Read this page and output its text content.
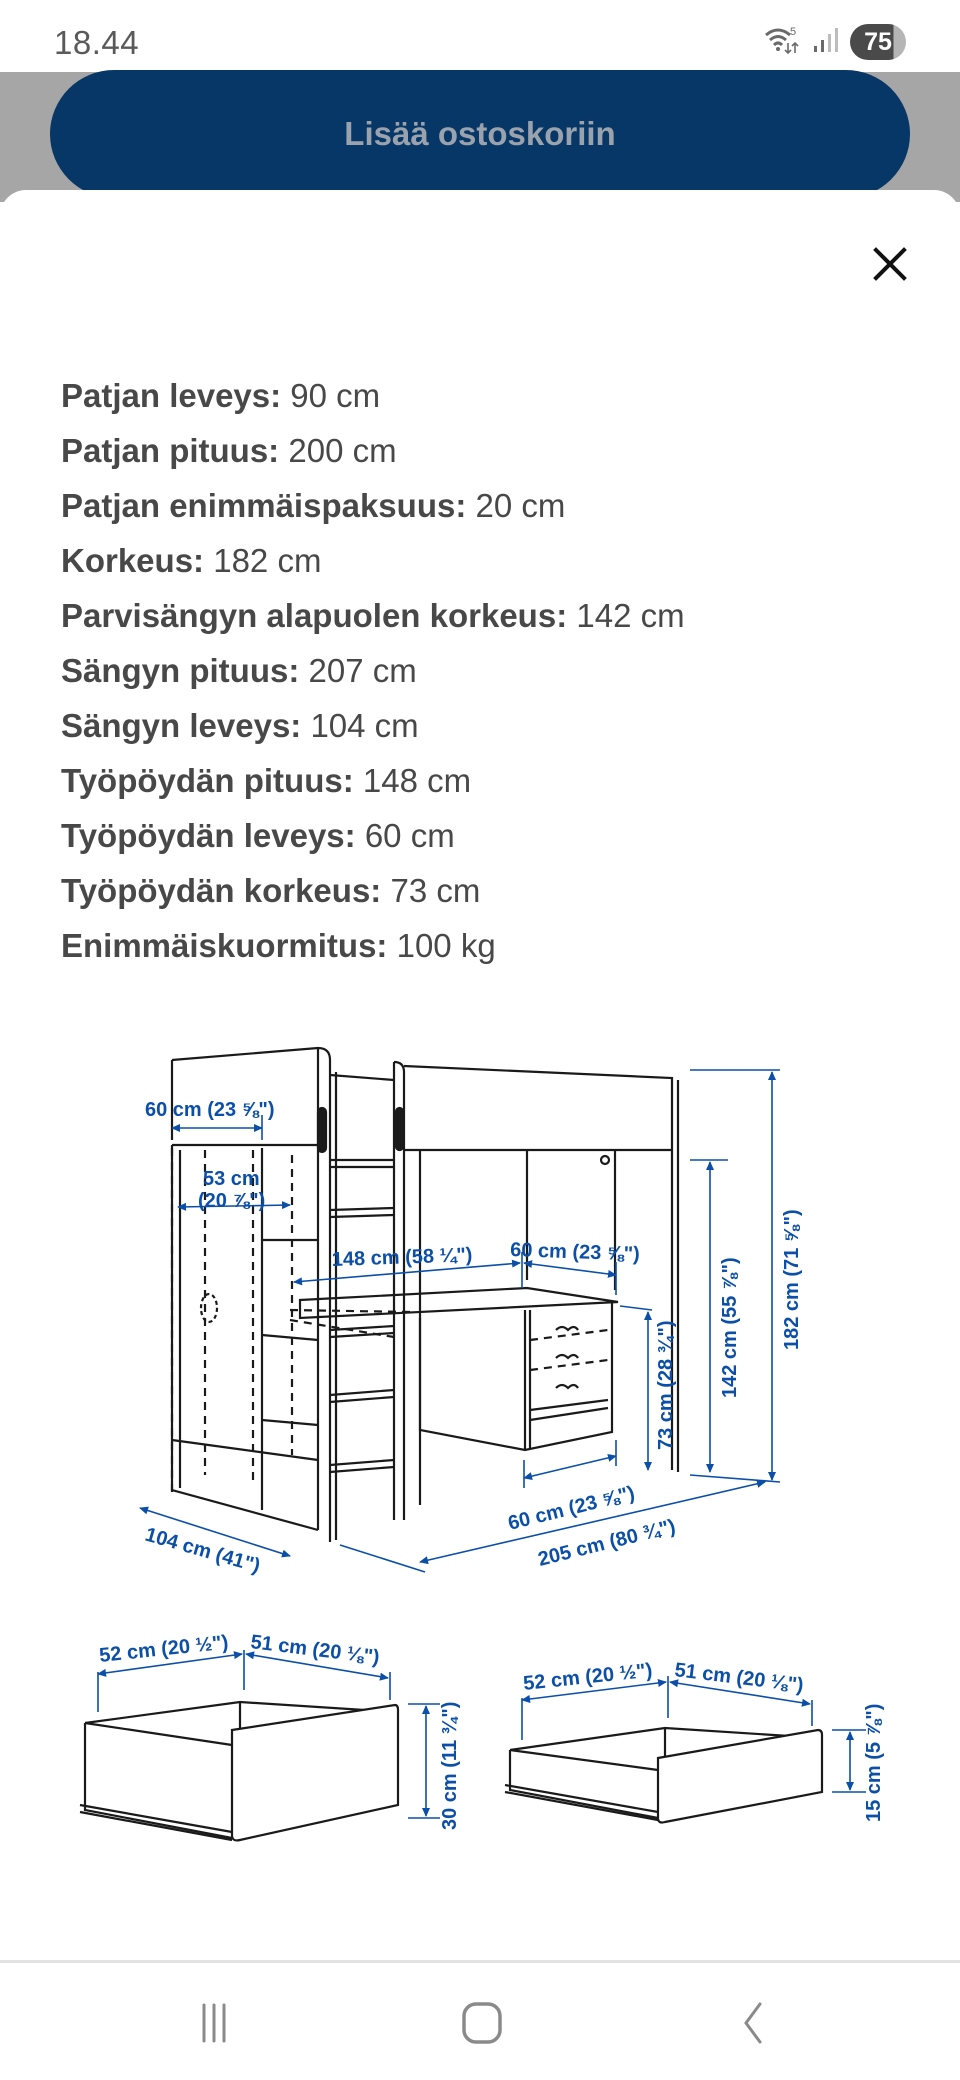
18.44	5	75
Lisää ostoskoriin
Patjan leveys: 90 cm
Patjan pituus: 200 cm
Patjan enimmäispaksuus: 20 cm
Korkeus: 182 cm
Parvisängyn alapuolen korkeus: 142 cm
Sängyn pituus: 207 cm
Sängyn leveys: 104 cm
Työpöydän pituus: 148 cm
Työpöydän leveys: 60 cm
Työpöydän korkeus: 73 cm
Enimmäiskuormitus: 100 kg
60 cm (23 ⅝")
53 cm
(20 ⅞")
148 cm (58 ¼") 60 cm (23 ⅝")
73 cm (28 ¾") 142 cm (55 ⅞") 182 cm (71 ⅝")
60 cm (23 ⅝")
205 cm (80 ¾")
104 cm (41")
52 cm (20 ½") 51 cm (20 ⅛")
30 cm (11 ¾")
52 cm (20 ½") 51 cm (20 ⅛")
15 cm (5 ⅞")
